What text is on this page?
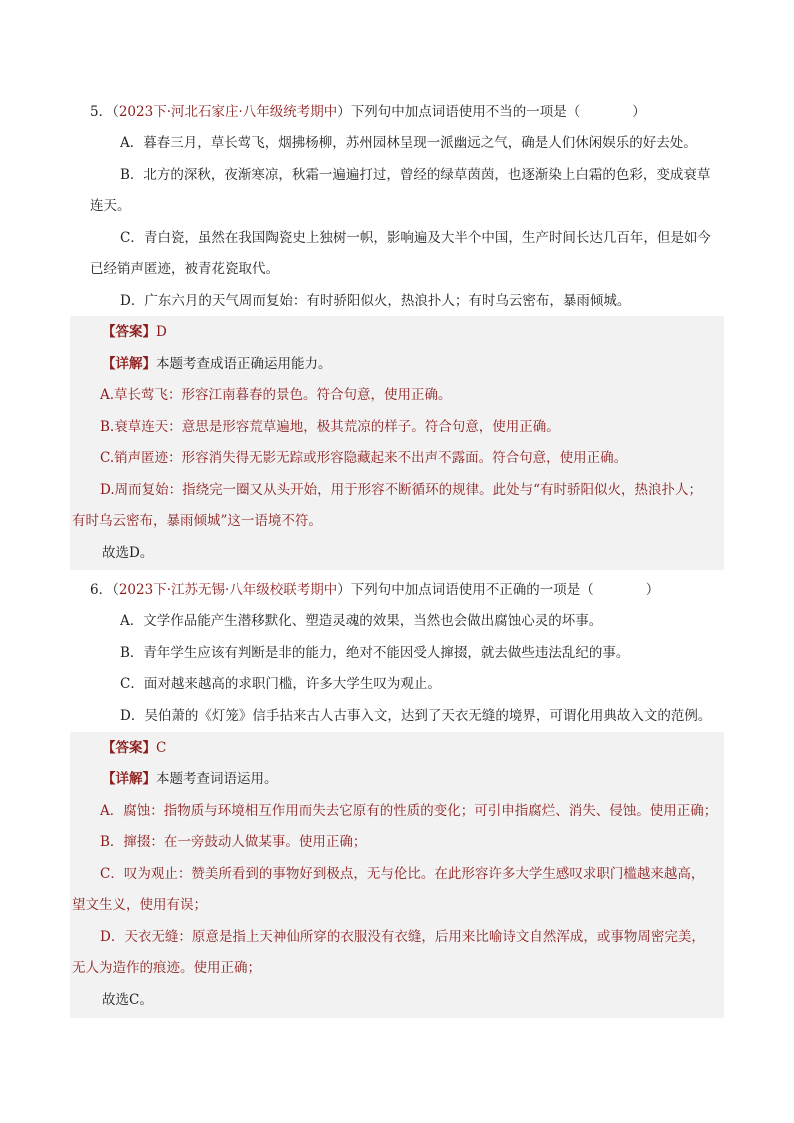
5．（2023下·河北石家庄·八年级统考期中）下列句中加点词语使用不当的一项是（	）
A．暮春三月，草长莺飞，烟拂杨柳，苏州园林呈现一派幽远之气，确是人们休闲娱乐的好去处。
B．北方的深秋，夜渐寒凉，秋霜一遍遍打过，曾经的绿草茵茵，也逐渐染上白霜的色彩，变成衰草
连天。
C．青白瓷，虽然在我国陶瓷史上独树一帜，影响遍及大半个中国，生产时间长达几百年，但是如今
已经销声匿迹，被青花瓷取代。
D．广东六月的天气周而复始：有时骄阳似火，热浪扑人；有时乌云密布，暴雨倾城。
【答案】D
【详解】本题考查成语正确运用能力。
A.草长莺飞：形容江南暮春的景色。符合句意，使用正确。
B.衰草连天：意思是形容荒草遍地，极其荒凉的样子。符合句意，使用正确。
C.销声匿迹：形容消失得无影无踪或形容隐藏起来不出声不露面。符合句意，使用正确。
D.周而复始：指绕完一圈又从头开始，用于形容不断循环的规律。此处与“有时骄阳似火，热浪扑人；
有时乌云密布，暴雨倾城”这一语境不符。
故选D。
6．（2023下·江苏无锡·八年级校联考期中）下列句中加点词语使用不正确的一项是（	）
A．文学作品能产生潜移默化、塑造灵魂的效果，当然也会做出腐蚀心灵的坏事。
B．青年学生应该有判断是非的能力，绝对不能因受人撺掇，就去做些违法乱纪的事。
C．面对越来越高的求职门槛，许多大学生叹为观止。
D．吴伯萧的《灯笼》信手拈来古人古事入文，达到了天衣无缝的境界，可谓化用典故入文的范例。
【答案】C
【详解】本题考查词语运用。
A．腐蚀：指物质与环境相互作用而失去它原有的性质的变化；可引申指腐烂、消失、侵蚀。使用正确；
B．撺掇：在一旁鼓动人做某事。使用正确；
C．叹为观止：赞美所看到的事物好到极点，无与伦比。在此形容许多大学生感叹求职门槛越来越高，
望文生义，使用有误；
D．天衣无缝：原意是指上天神仙所穿的衣服没有衣缝，后用来比喻诗文自然浑成，或事物周密完美，
无人为造作的痕迹。使用正确；
故选C。
